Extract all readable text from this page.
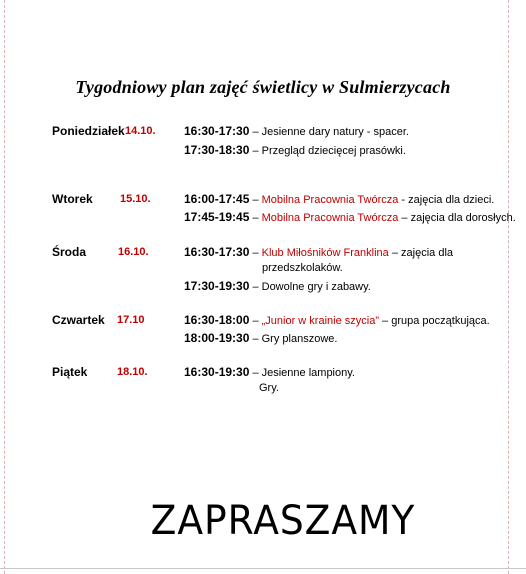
Tygodniowy plan zajęć świetlicy w Sulmierzycach
Poniedziałek 14.10. 16:30-17:30 – Jesienne dary natury - spacer.
17:30-18:30 – Przegląd dziecięcej prasówki.
Wtorek 15.10.	16:00-17:45 – Mobilna Pracownia Twórcza - zajęcia dla dzieci.
17:45-19:45 – Mobilna Pracownia Twórcza – zajęcia dla dorosłych.
Środa	16.10.	16:30-17:30 – Klub Miłośników Franklina – zajęcia dla
przedszkolaków.
17:30-19:30 – Dowolne gry i zabawy.
Czwartek 17.10	16:30-18:00 – „Junior w krainie szycia” – grupa początkująca.
18:00-19:30 – Gry planszowe.
Piątek	18.10.	16:30-19:30 – Jesienne lampiony.
Gry.
ZAPRASZAMY
